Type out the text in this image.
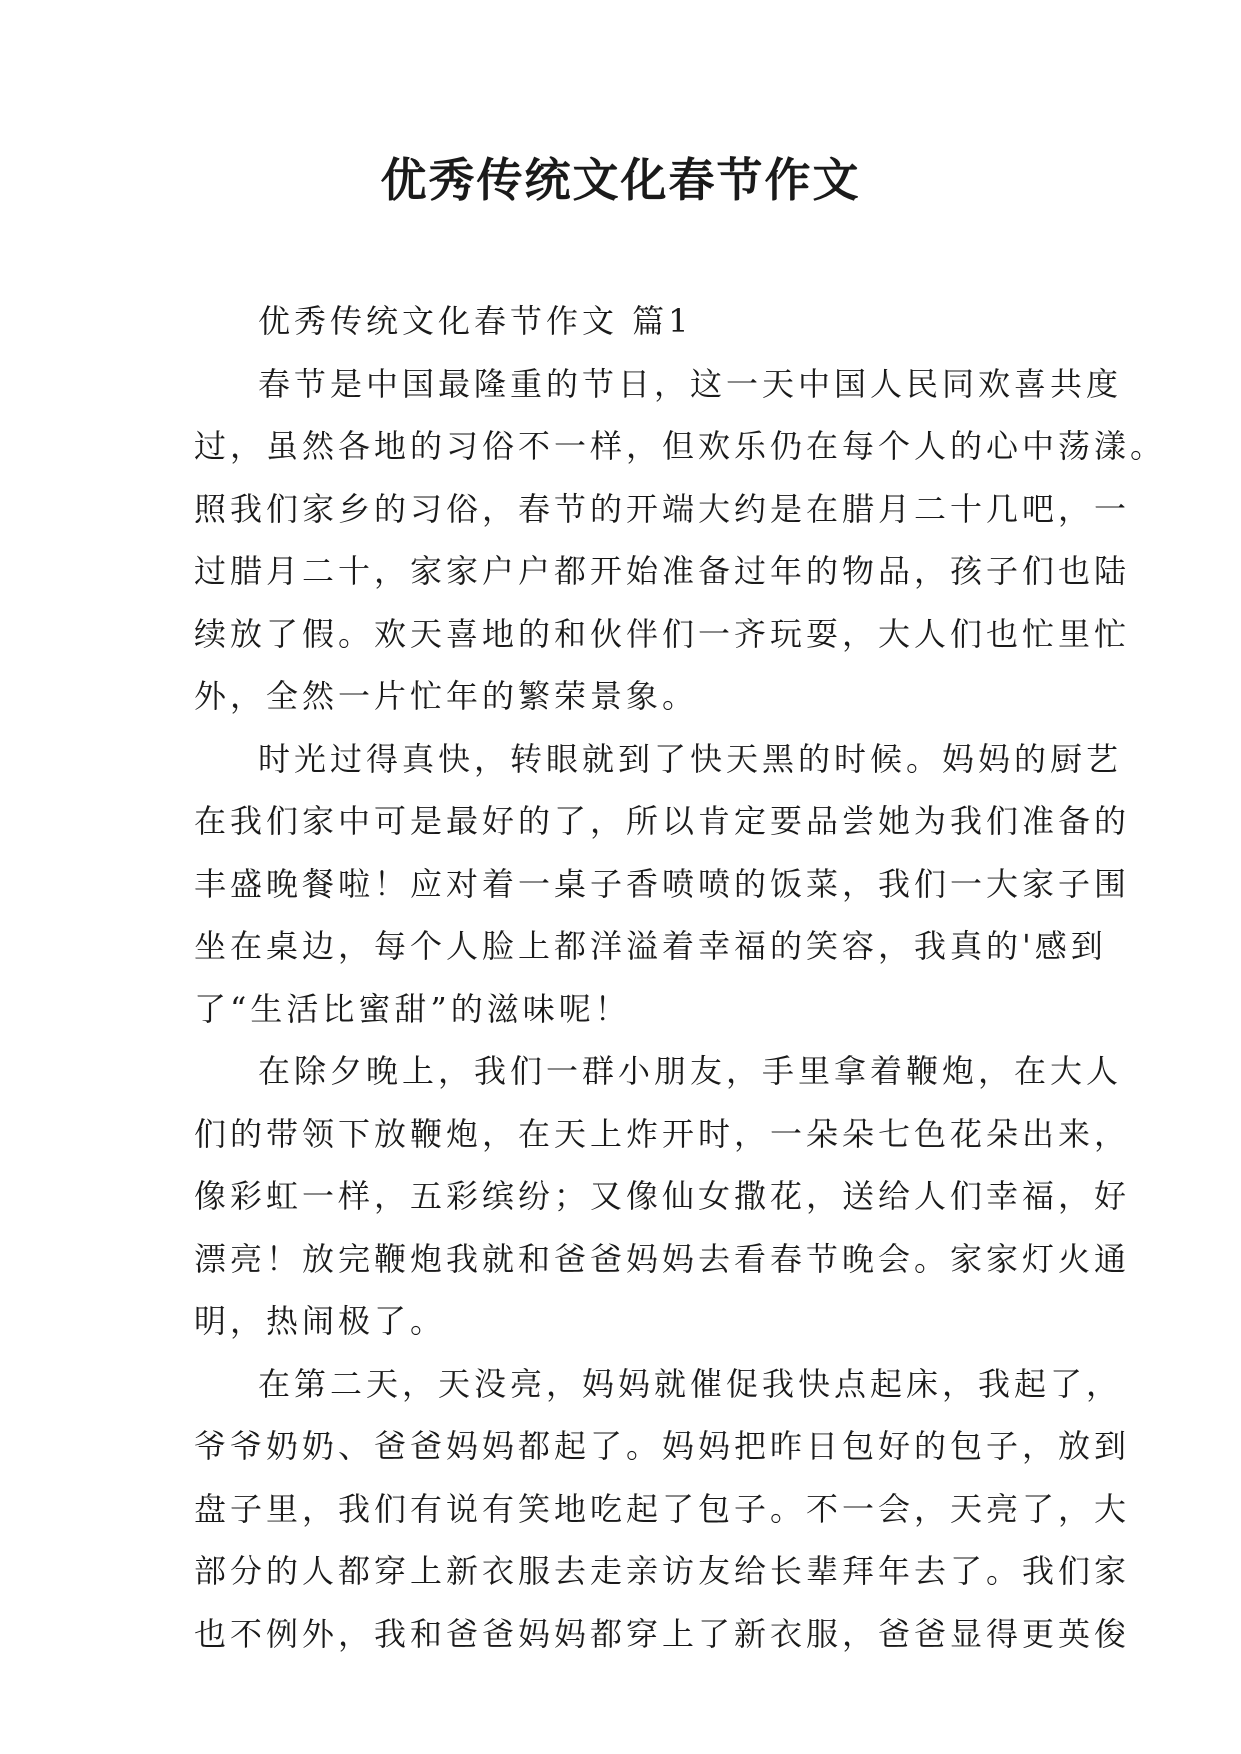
优秀传统文化春节作文
优秀传统文化春节作文 篇1
春节是中国最隆重的节日，这一天中国人民同欢喜共度
过，虽然各地的习俗不一样，但欢乐仍在每个人的心中荡漾。
照我们家乡的习俗，春节的开端大约是在腊月二十几吧，一
过腊月二十，家家户户都开始准备过年的物品，孩子们也陆
续放了假。欢天喜地的和伙伴们一齐玩耍，大人们也忙里忙
外，全然一片忙年的繁荣景象。
时光过得真快，转眼就到了快天黑的时候。妈妈的厨艺
在我们家中可是最好的了，所以肯定要品尝她为我们准备的
丰盛晚餐啦！应对着一桌子香喷喷的饭菜，我们一大家子围
坐在桌边，每个人脸上都洋溢着幸福的笑容，我真的'感到
了“生活比蜜甜”的滋味呢！
在除夕晚上，我们一群小朋友，手里拿着鞭炮，在大人
们的带领下放鞭炮，在天上炸开时，一朵朵七色花朵出来，
像彩虹一样，五彩缤纷；又像仙女撒花，送给人们幸福，好
漂亮！放完鞭炮我就和爸爸妈妈去看春节晚会。家家灯火通
明，热闹极了。
在第二天，天没亮，妈妈就催促我快点起床，我起了，
爷爷奶奶、爸爸妈妈都起了。妈妈把昨日包好的包子，放到
盘子里，我们有说有笑地吃起了包子。不一会，天亮了，大
部分的人都穿上新衣服去走亲访友给长辈拜年去了。我们家
也不例外，我和爸爸妈妈都穿上了新衣服，爸爸显得更英俊
